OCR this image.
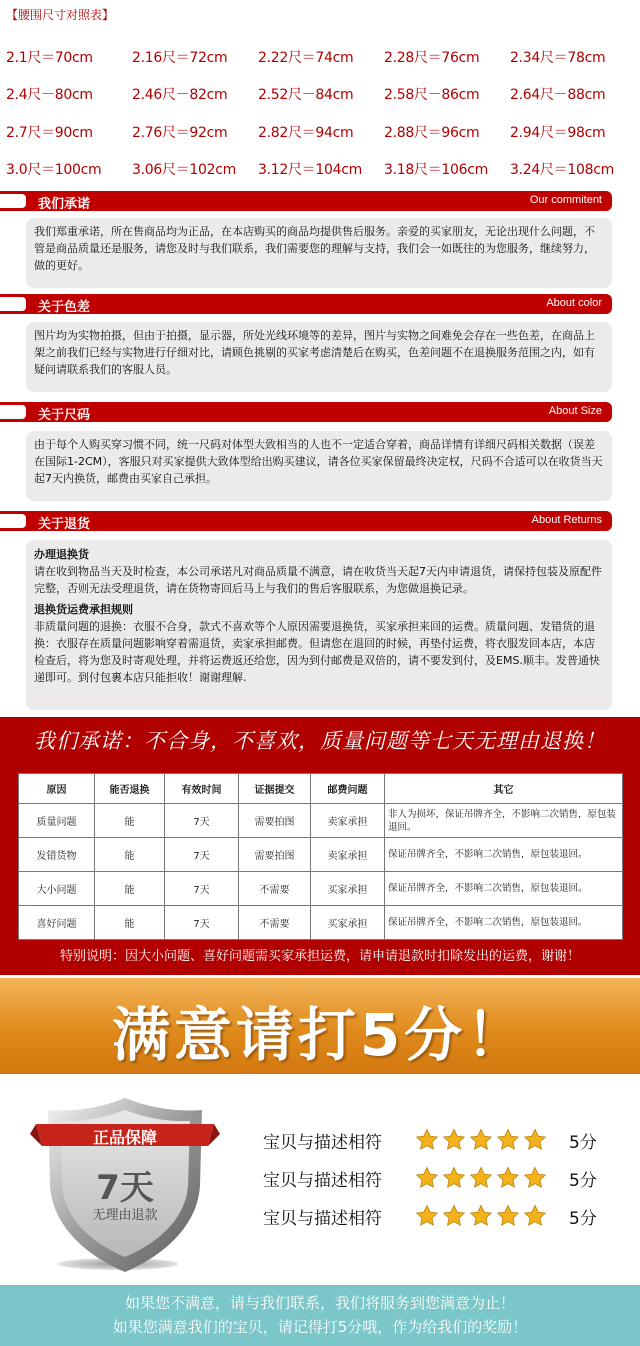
【腰围尺寸对照表】
2.1尺＝70cm	2.16尺＝72cm	2.22尺＝74cm	2.28尺＝76cm	2.34尺＝78cm
2.4尺－80cm	2.46尺－82cm	2.52尺－84cm	2.58尺－86cm	2.64尺－88cm
2.7尺＝90cm	2.76尺＝92cm	2.82尺＝94cm	2.88尺＝96cm	2.94尺＝98cm
3.0尺＝100cm	3.06尺＝102cm	3.12尺＝104cm	3.18尺＝106cm	3.24尺＝108cm
我们承诺	Our commitent

我们郑重承诺，所在售商品均为正品，在本店购买的商品均提供售后服务。亲爱的买家朋友，无论出现什么问题，不管是商品质量还是服务，请您及时与我们联系，我们需要您的理解与支持，我们会一如既往的为您服务，继续努力，做的更好。

关于色差	About color

图片均为实物拍摄，但由于拍摄，显示器，所处光线环境等的差异，图片与实物之间难免会存在一些色差，在商品上架之前我们已经与实物进行仔细对比，请顾色挑剔的买家考虑清楚后在购买，色差问题不在退换服务范围之内，如有疑问请联系我们的客服人员。

关于尺码	About Size

由于每个人购买穿习惯不同，统一尺码对体型大致相当的人也不一定适合穿着，商品详情有详细尺码相关数据（误差在国际1-2CM），客服只对买家提供大致体型给出购买建议，请各位买家保留最终决定权，尺码不合适可以在收货当天起7天内换货，邮费由买家自己承担。

关于退货	About Returns

办理退换货

请在收到物品当天及时检查，本公司承诺凡对商品质量不满意，请在收货当天起7天内申请退货，请保持包装及原配件完整，否则无法受理退货，请在货物寄回后马上与我们的售后客服联系，为您做退换记录。

退换货运费承担规则

非质量问题的退换：衣服不合身，款式不喜欢等个人原因需要退换货，买家承担来回的运费。质量问题、发错货的退换：衣服存在质量问题影响穿着需退货，卖家承担邮费。但请您在退回的时候，再垫付运费，将衣服发回本店，本店检查后，将为您及时寄观处理，并将运费返还给您，因为到付邮费是双倍的，请不要发到付，及EMS.顺丰。发普通快递即可。到付包裹本店只能拒收！谢谢理解.

我们承诺：不合身，不喜欢，质量问题等七天无理由退换！
原因	能否退换	有效时间	证据提交	邮费问题	其它
质量问题	能	7天	需要拍图	卖家承担	非人为损坏，保证吊牌齐全，不影响二次销售，原包装退回。
发错货物	能	7天	需要拍图	卖家承担	保证吊牌齐全，不影响二次销售，原包装退回。
大小问题	能	7天	不需要	买家承担	保证吊牌齐全，不影响二次销售，原包装退回。
喜好问题	能	7天	不需要	买家承担	保证吊牌齐全，不影响二次销售，原包装退回。
特别说明：因大小问题、喜好问题需买家承担运费，请申请退款时扣除发出的运费，谢谢！
满意请打5分！
正品保障
7天
无理由退款
宝贝与描述相符	5分
宝贝与描述相符	5分
宝贝与描述相符	5分
如果您不满意，请与我们联系，我们将服务到您满意为止！
如果您满意我们的宝贝，请记得打5分哦，作为给我们的奖励！
